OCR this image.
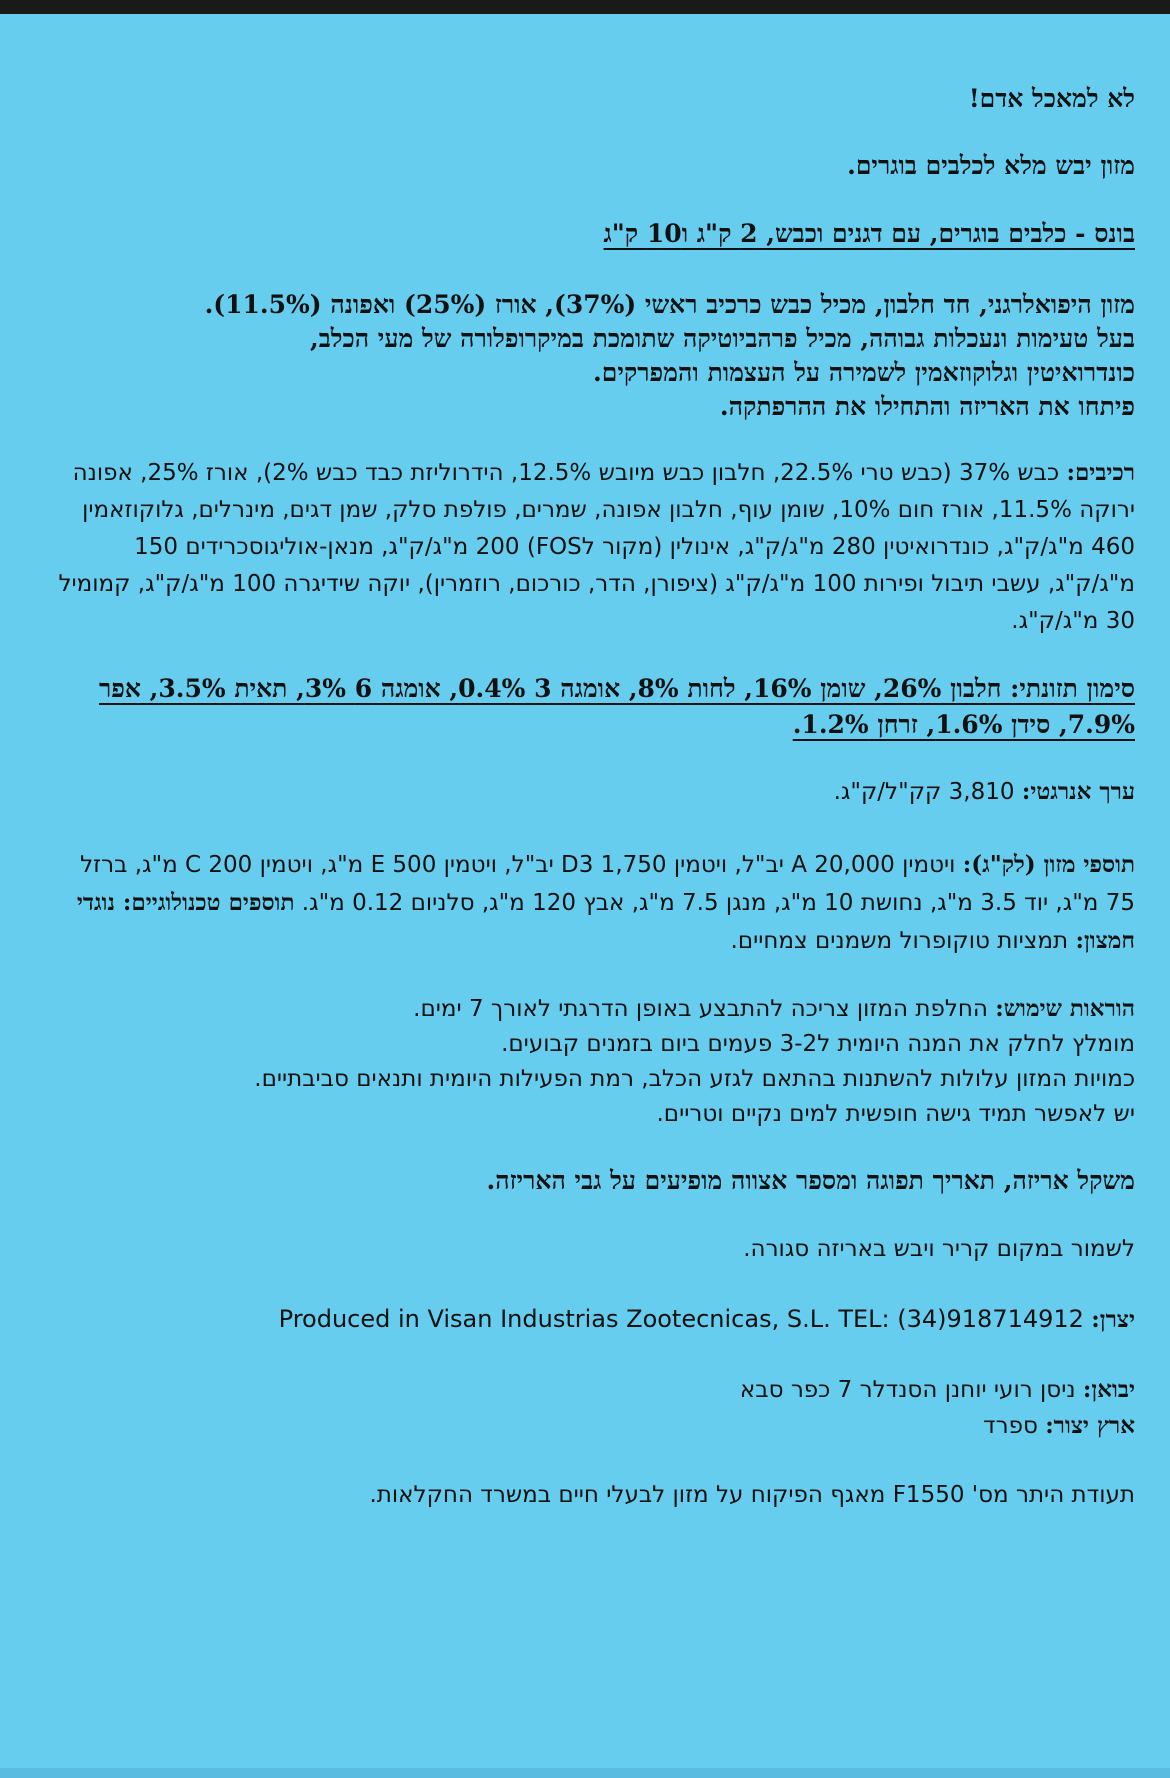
לא למאכל אדם!

מזון יבש מלא לכלבים בוגרים.

בונס - כלבים בוגרים, עם דגנים וכבש, 2 ק"ג ו10 ק"ג

מזון היפואלרגני, חד חלבון, מכיל כבש כרכיב ראשי (37%), אורז (25%) ואפונה (11.5%).

בעל טעימות ונעכלות גבוהה, מכיל פרהביוטיקה שתומכת במיקרופלורה של מעי הכלב,

כונדרואיטין וגלוקוזאמין לשמירה על העצמות והמפרקים.

פיתחו את האריזה והתחילו את ההרפתקה.

רכיבים: כבש 37% (כבש טרי 22.5%, חלבון כבש מיובש 12.5%, הידרוליזת כבד כבש 2%), אורז 25%, אפונה ירוקה 11.5%, אורז חום 10%, שומן עוף, חלבון אפונה, שמרים, פולפת סלק, שמן דגים, מינרלים, גלוקוזאמין 460 מ"ג/ק"ג, כונדרואיטין 280 מ"ג/ק"ג, אינולין (מקור לFOS) 200 מ"ג/ק"ג, מנאן-אוליגוסכרידים 150 מ"ג/ק"ג, עשבי תיבול ופירות 100 מ"ג/ק"ג (ציפורן, הדר, כורכום, רוזמרין), יוקה שידיגרה 100 מ"ג/ק"ג, קמומיל 30 מ"ג/ק"ג.

סימון תזונתי: חלבון 26%, שומן 16%, לחות 8%, אומגה 3 0.4%, אומגה 6 3%, תאית 3.5%, אפר 7.9%, סידן 1.6%, זרחן 1.2%.

ערך אנרגטי: 3,810 קק"ל/ק"ג.

תוספי מזון (לק"ג): ויטמין A 20,000 יב"ל, ויטמין D3 1,750 יב"ל, ויטמין E 500 מ"ג, ויטמין C 200 מ"ג, ברזל 75 מ"ג, יוד 3.5 מ"ג, נחושת 10 מ"ג, מנגן 7.5 מ"ג, אבץ 120 מ"ג, סלניום 0.12 מ"ג. תוספים טכנולוגיים: נוגדי חמצון: תמציות טוקופרול משמנים צמחיים.

הוראות שימוש: החלפת המזון צריכה להתבצע באופן הדרגתי לאורך 7 ימים.

מומלץ לחלק את המנה היומית ל3-2 פעמים ביום בזמנים קבועים.

כמויות המזון עלולות להשתנות בהתאם לגזע הכלב, רמת הפעילות היומית ותנאים סביבתיים.

יש לאפשר תמיד גישה חופשית למים נקיים וטריים.

משקל אריזה, תאריך תפוגה ומספר אצווה מופיעים על גבי האריזה.

לשמור במקום קריר ויבש באריזה סגורה.

יצרן: Produced in Visan Industrias Zootecnicas, S.L. TEL: (34)918714912

יבואן: ניסן רועי יוחנן הסנדלר 7 כפר סבא

ארץ יצור: ספרד

תעודת היתר מס' F1550 מאגף הפיקוח על מזון לבעלי חיים במשרד החקלאות.
